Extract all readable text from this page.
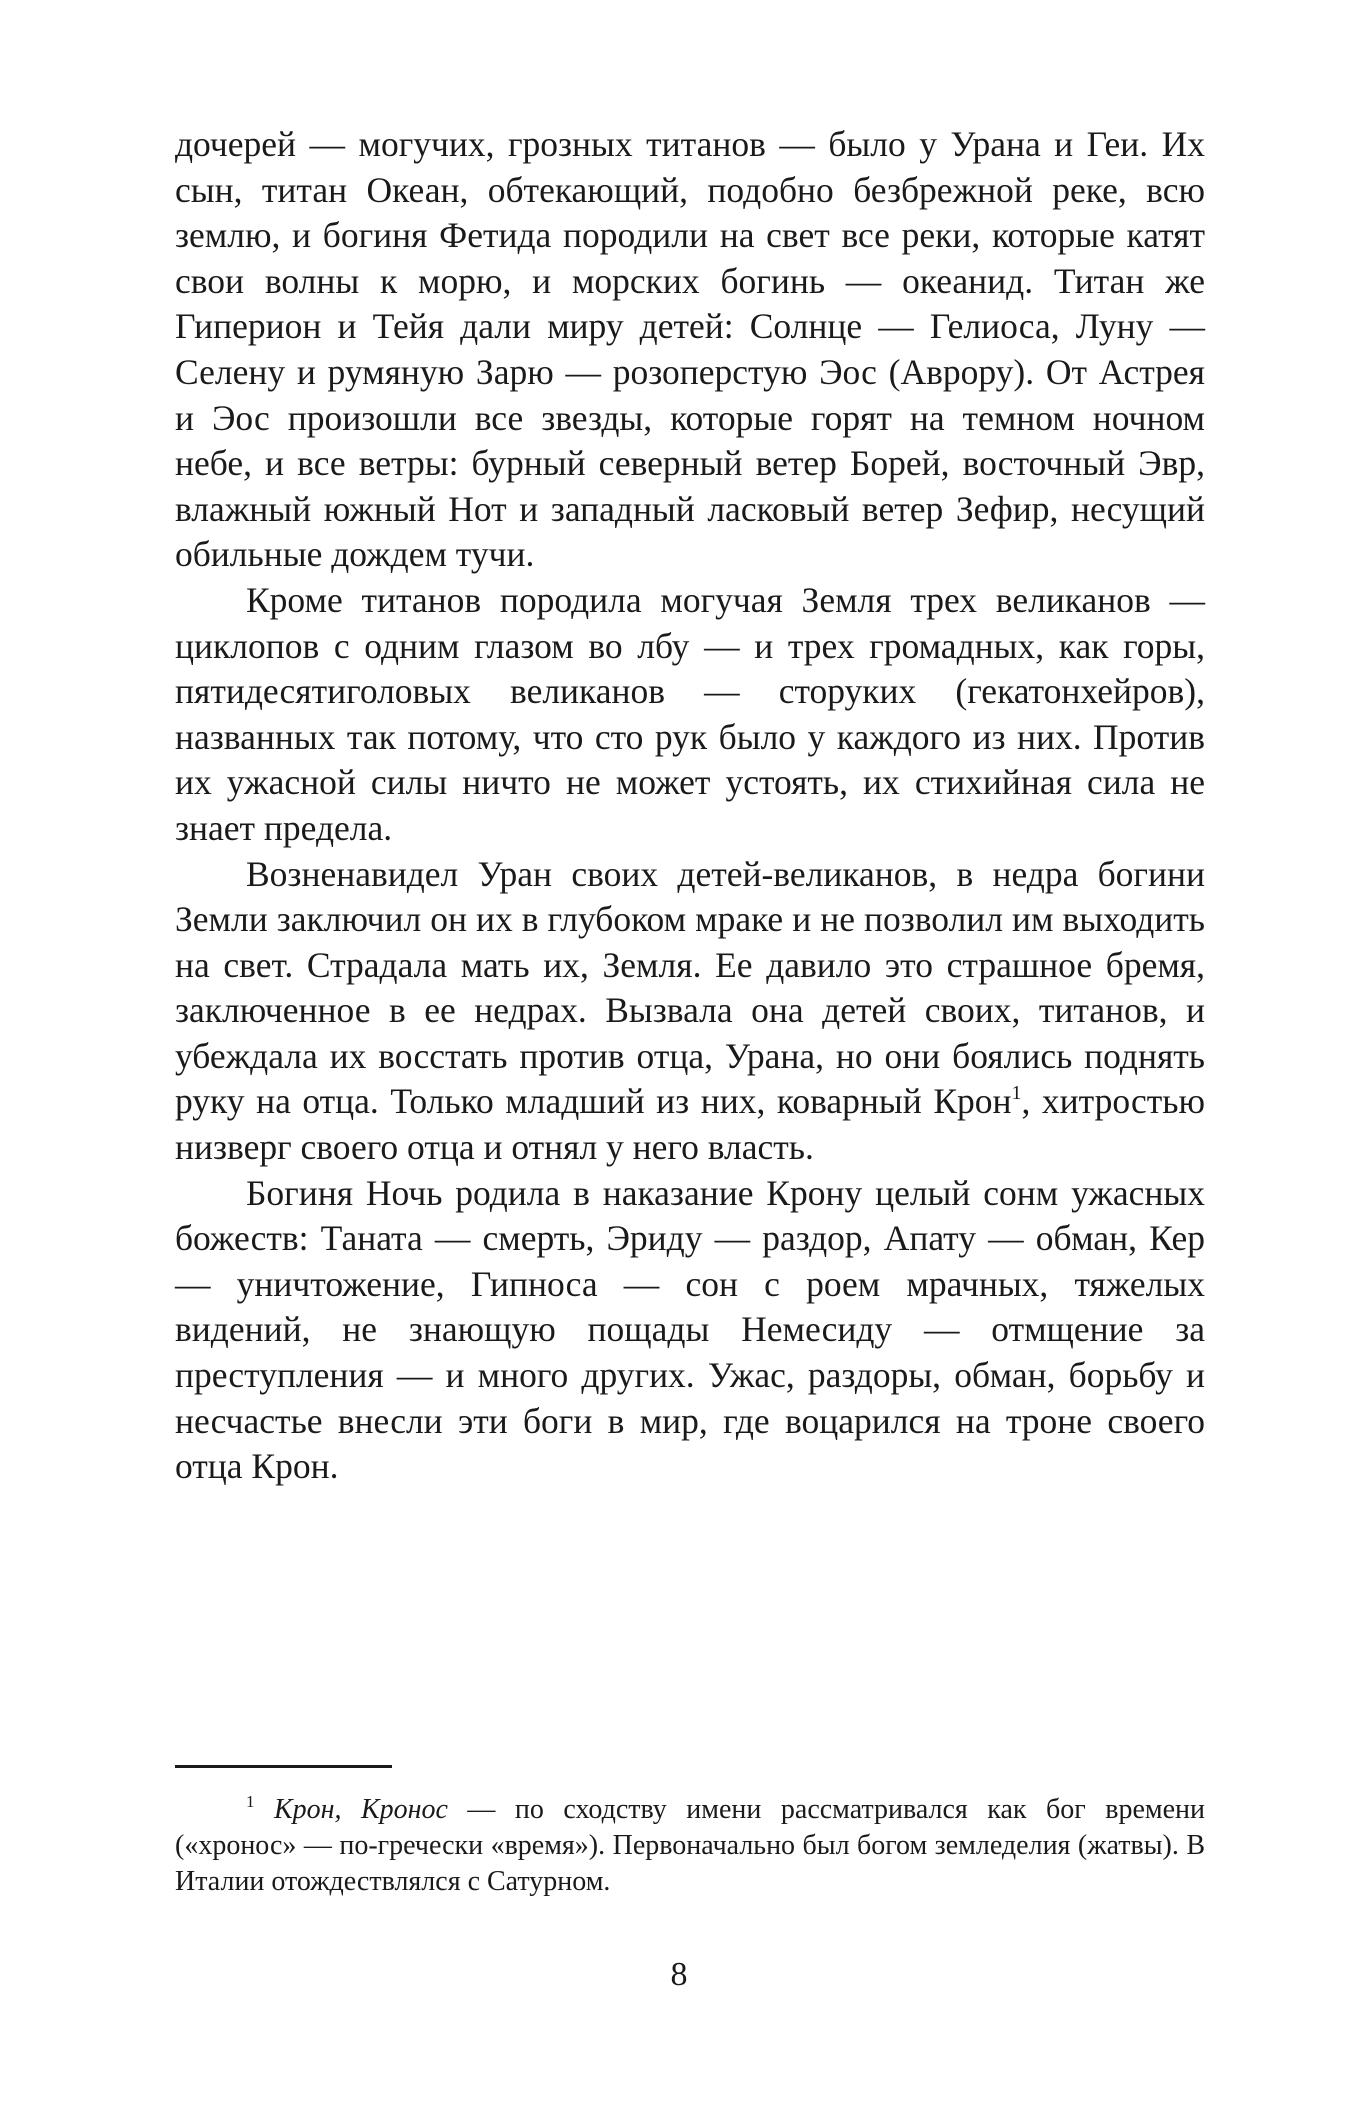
дочерей — могучих, грозных титанов — было у Урана и Геи. Их сын, титан Океан, обтекающий, подобно безбрежной реке, всю землю, и богиня Фетида породили на свет все реки, которые катят свои волны к морю, и морских богинь — океанид. Титан же Гиперион и Тейя дали миру детей: Солнце — Гелиоса, Луну — Селену и румяную Зарю — розоперстую Эос (Аврору). От Астрея и Эос произошли все звезды, которые горят на темном ночном небе, и все ветры: бурный северный ветер Борей, восточный Эвр, влажный южный Нот и западный ласковый ветер Зефир, несущий обильные дождем тучи.

Кроме титанов породила могучая Земля трех великанов — циклопов с одним глазом во лбу — и трех громадных, как горы, пятидесятиголовых великанов — сторуких (гекатонхейров), названных так потому, что сто рук было у каждого из них. Против их ужасной силы ничто не может устоять, их стихийная сила не знает предела.

Возненавидел Уран своих детей-великанов, в недра богини Земли заключил он их в глубоком мраке и не позволил им выходить на свет. Страдала мать их, Земля. Ее давило это страшное бремя, заключенное в ее недрах. Вызвала она детей своих, титанов, и убеждала их восстать против отца, Урана, но они боялись поднять руку на отца. Только младший из них, коварный Крон$^1$, хитростью низверг своего отца и отнял у него власть.

Богиня Ночь родила в наказание Крону целый сонм ужасных божеств: Таната — смерть, Эриду — раздор, Апату — обман, Кер — уничтожение, Гипноса — сон с роем мрачных, тяжелых видений, не знающую пощады Немесиду — отмщение за преступления — и много других. Ужас, раздоры, обман, борьбу и несчастье внесли эти боги в мир, где воцарился на троне своего отца Крон.

$^1$ Крон, Кронос — по сходству имени рассматривался как бог времени («хронос» — по-гречески «время»). Первоначально был богом земледелия (жатвы). В Италии отождествлялся с Сатурном.

8
